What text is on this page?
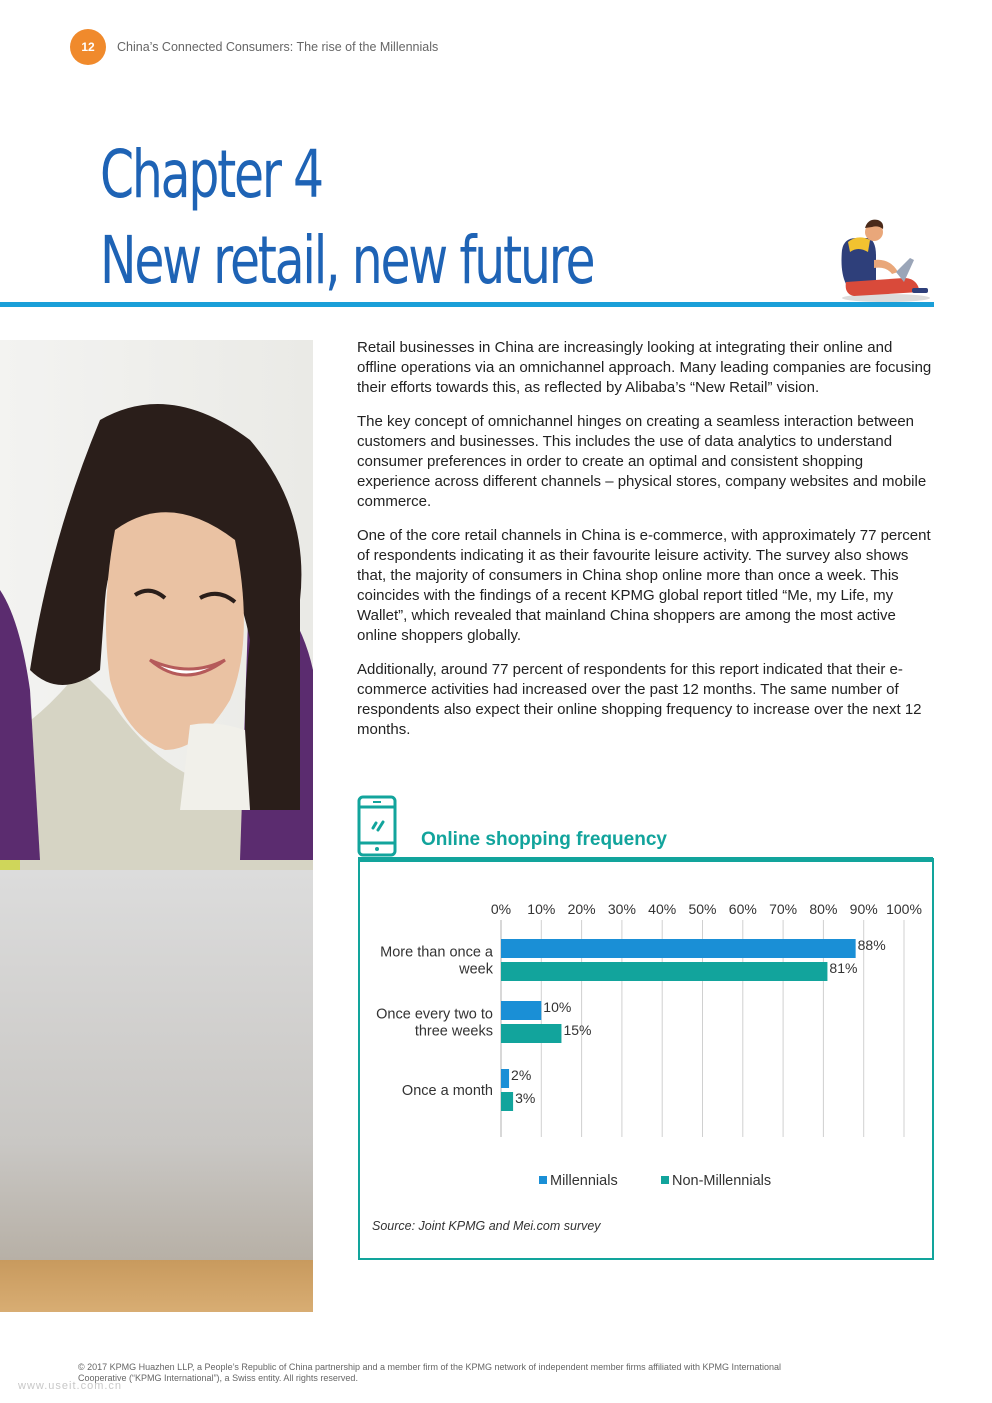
12	China’s Connected Consumers: The rise of the Millennials
Chapter 4
New retail, new future

Retail businesses in China are increasingly looking at integrating their online and offline operations via an omnichannel approach. Many leading companies are focusing their efforts towards this, as reflected by Alibaba’s “New Retail” vision.

The key concept of omnichannel hinges on creating a seamless interaction between customers and businesses. This includes the use of data analytics to understand consumer preferences in order to create an optimal and consistent shopping experience across different channels – physical stores, company websites and mobile commerce.

One of the core retail channels in China is e-commerce, with approximately 77 percent of respondents indicating it as their favourite leisure activity. The survey also shows that, the majority of consumers in China shop online more than once a week. This coincides with the findings of a recent KPMG global report titled “Me, my Life, my Wallet”, which revealed that mainland China shoppers are among the most active online shoppers globally.

Additionally, around 77 percent of respondents for this report indicated that their e-commerce activities had increased over the past 12 months. The same number of respondents also expect their online shopping frequency to increase over the next 12 months.

Online shopping frequency
0% 10% 20% 30% 40% 50% 60% 70% 80% 90% 100%
88%
81%
More than once a
week
10%
15%
Once every two to
three weeks
2%
3%
Once a month
Millennials	Non-Millennials
Source: Joint KPMG and Mei.com survey
© 2017 KPMG Huazhen LLP, a People’s Republic of China partnership and a member firm of the KPMG network of independent member firms affiliated with KPMG International
Cooperative (“KPMG International”), a Swiss entity. All rights reserved.
www.useit.com.cn
